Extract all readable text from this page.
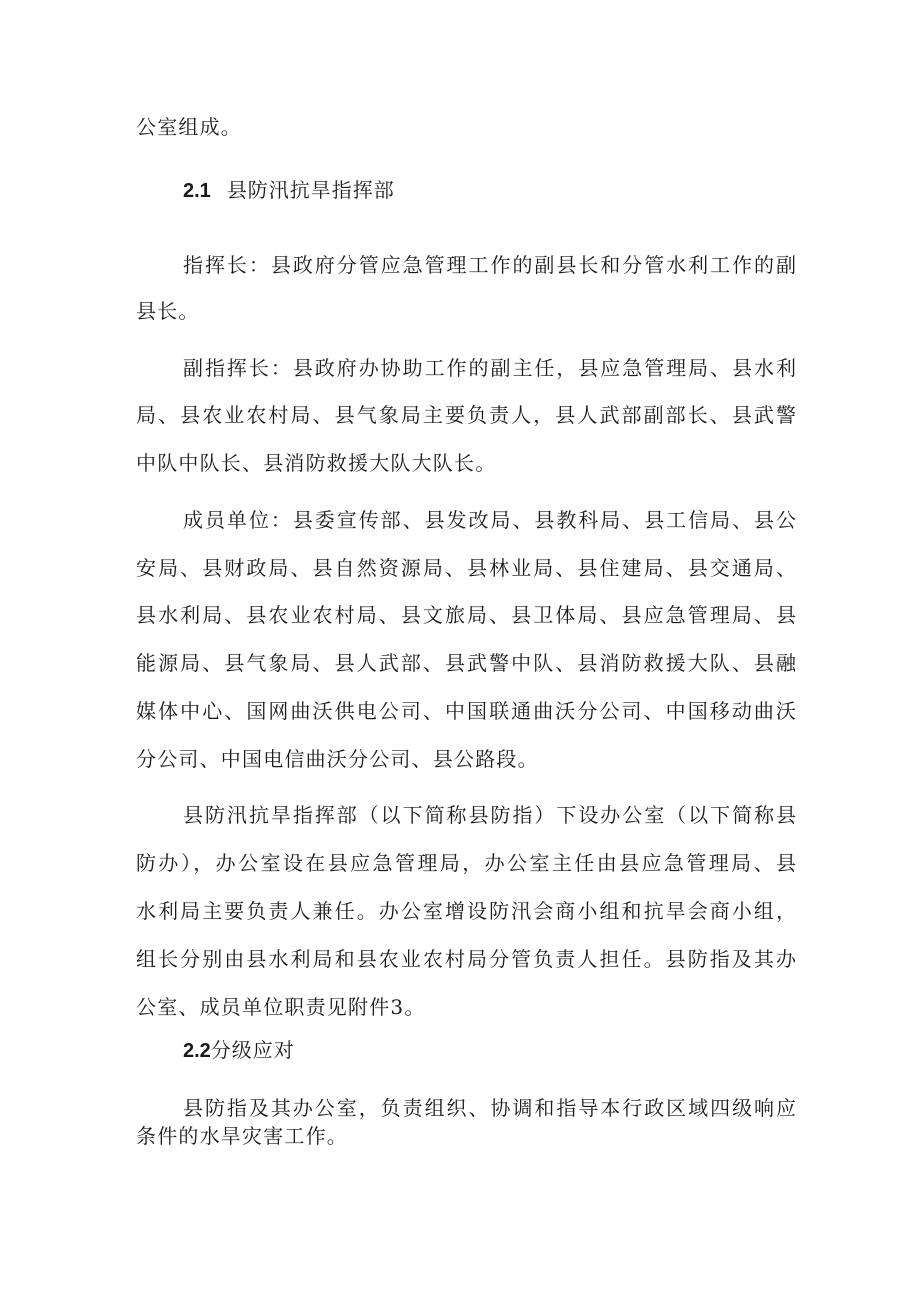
公室组成。
2.1 县防汛抗旱指挥部
指挥长：县政府分管应急管理工作的副县长和分管水利工作的副
县长。
副指挥长：县政府办协助工作的副主任，县应急管理局、县水利
局、县农业农村局、县气象局主要负责人，县人武部副部长、县武警
中队中队长、县消防救援大队大队长。
成员单位：县委宣传部、县发改局、县教科局、县工信局、县公
安局、县财政局、县自然资源局、县林业局、县住建局、县交通局、
县水利局、县农业农村局、县文旅局、县卫体局、县应急管理局、县
能源局、县气象局、县人武部、县武警中队、县消防救援大队、县融
媒体中心、国网曲沃供电公司、中国联通曲沃分公司、中国移动曲沃
分公司、中国电信曲沃分公司、县公路段。
县防汛抗旱指挥部（以下简称县防指）下设办公室（以下简称县
防办），办公室设在县应急管理局，办公室主任由县应急管理局、县
水利局主要负责人兼任。办公室增设防汛会商小组和抗旱会商小组，
组长分别由县水利局和县农业农村局分管负责人担任。县防指及其办
公室、成员单位职责见附件3。
2.2分级应对
县防指及其办公室，负责组织、协调和指导本行政区域四级响应
条件的水旱灾害工作。
